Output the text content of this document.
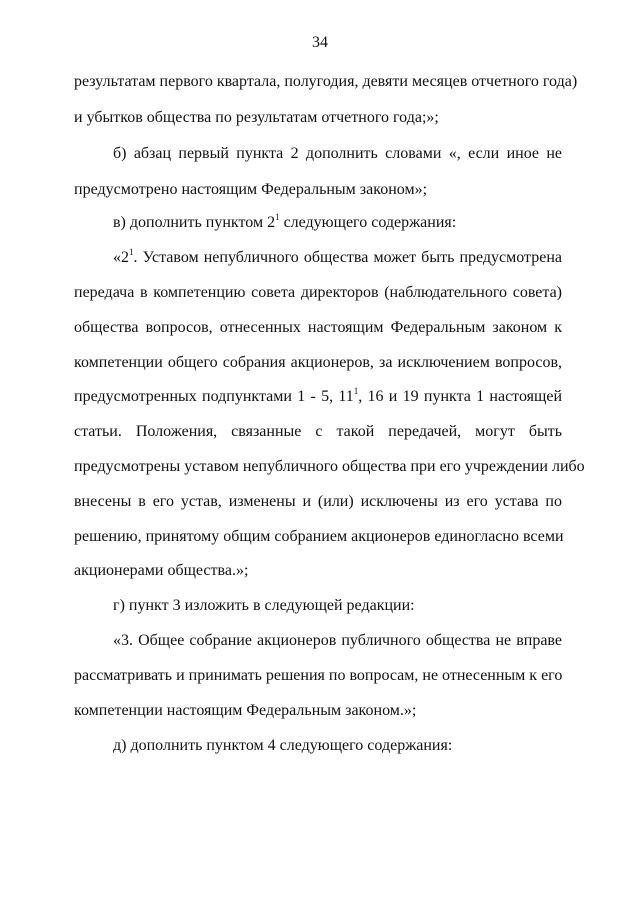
34
результатам первого квартала, полугодия, девяти месяцев отчетного года)
и убытков общества по результатам отчетного года;»;
б) абзац первый пункта 2 дополнить словами «, если иное не
предусмотрено настоящим Федеральным законом»;
в) дополнить пунктом $2^1$ следующего содержания:
«$2^1$. Уставом непубличного общества может быть предусмотрена
передача в компетенцию совета директоров (наблюдательного совета)
общества вопросов, отнесенных настоящим Федеральным законом к
компетенции общего собрания акционеров, за исключением вопросов,
предусмотренных подпунктами 1 - 5, $11^1$, 16 и 19 пункта 1 настоящей
статьи. Положения, связанные с такой передачей, могут быть
предусмотрены уставом непубличного общества при его учреждении либо
внесены в его устав, изменены и (или) исключены из его устава по
решению, принятому общим собранием акционеров единогласно всеми
акционерами общества.»;
г) пункт 3 изложить в следующей редакции:
«3. Общее собрание акционеров публичного общества не вправе
рассматривать и принимать решения по вопросам, не отнесенным к его
компетенции настоящим Федеральным законом.»;
д) дополнить пунктом 4 следующего содержания:
